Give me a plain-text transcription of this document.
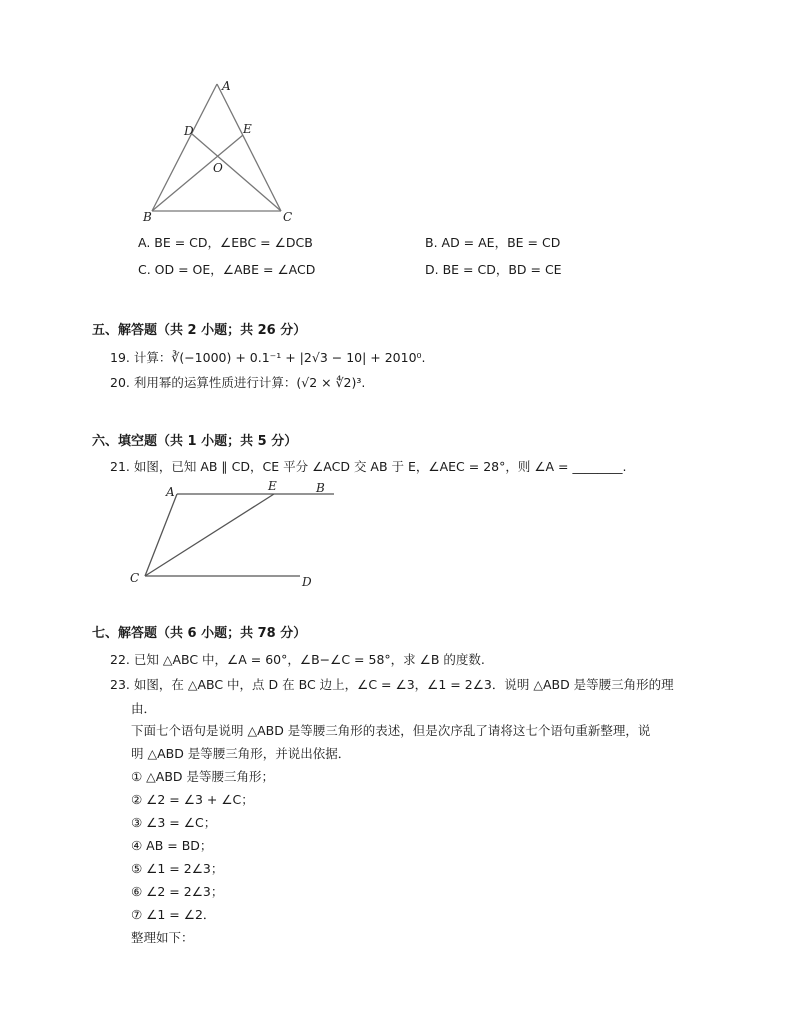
A
D	E
O
B	C
A. BE = CD，∠EBC = ∠DCB	B. AD = AE，BE = CD
C. OD = OE，∠ABE = ∠ACD	D. BE = CD，BD = CE
五、解答题（共 2 小题；共 26 分）
19. 计算：∛(−1000) + 0.1⁻¹ + |2√3 − 10| + 2010⁰.
20. 利用幂的运算性质进行计算：(√2 × ∜2)³.
六、填空题（共 1 小题；共 5 分）
21. 如图，已知 AB ∥ CD，CE 平分 ∠ACD 交 AB 于 E，∠AEC = 28°，则 ∠A = ________.
A	E	B
C	D
七、解答题（共 6 小题；共 78 分）
22. 已知 △ABC 中，∠A = 60°，∠B−∠C = 58°，求 ∠B 的度数.
23. 如图，在 △ABC 中，点 D 在 BC 边上，∠C = ∠3，∠1 = 2∠3．说明 △ABD 是等腰三角形的理
由．
下面七个语句是说明 △ABD 是等腰三角形的表述，但是次序乱了请将这七个语句重新整理，说
明 △ABD 是等腰三角形，并说出依据．
① △ABD 是等腰三角形；
② ∠2 = ∠3 + ∠C；
③ ∠3 = ∠C；
④ AB = BD；
⑤ ∠1 = 2∠3；
⑥ ∠2 = 2∠3；
⑦ ∠1 = ∠2．
整理如下：
